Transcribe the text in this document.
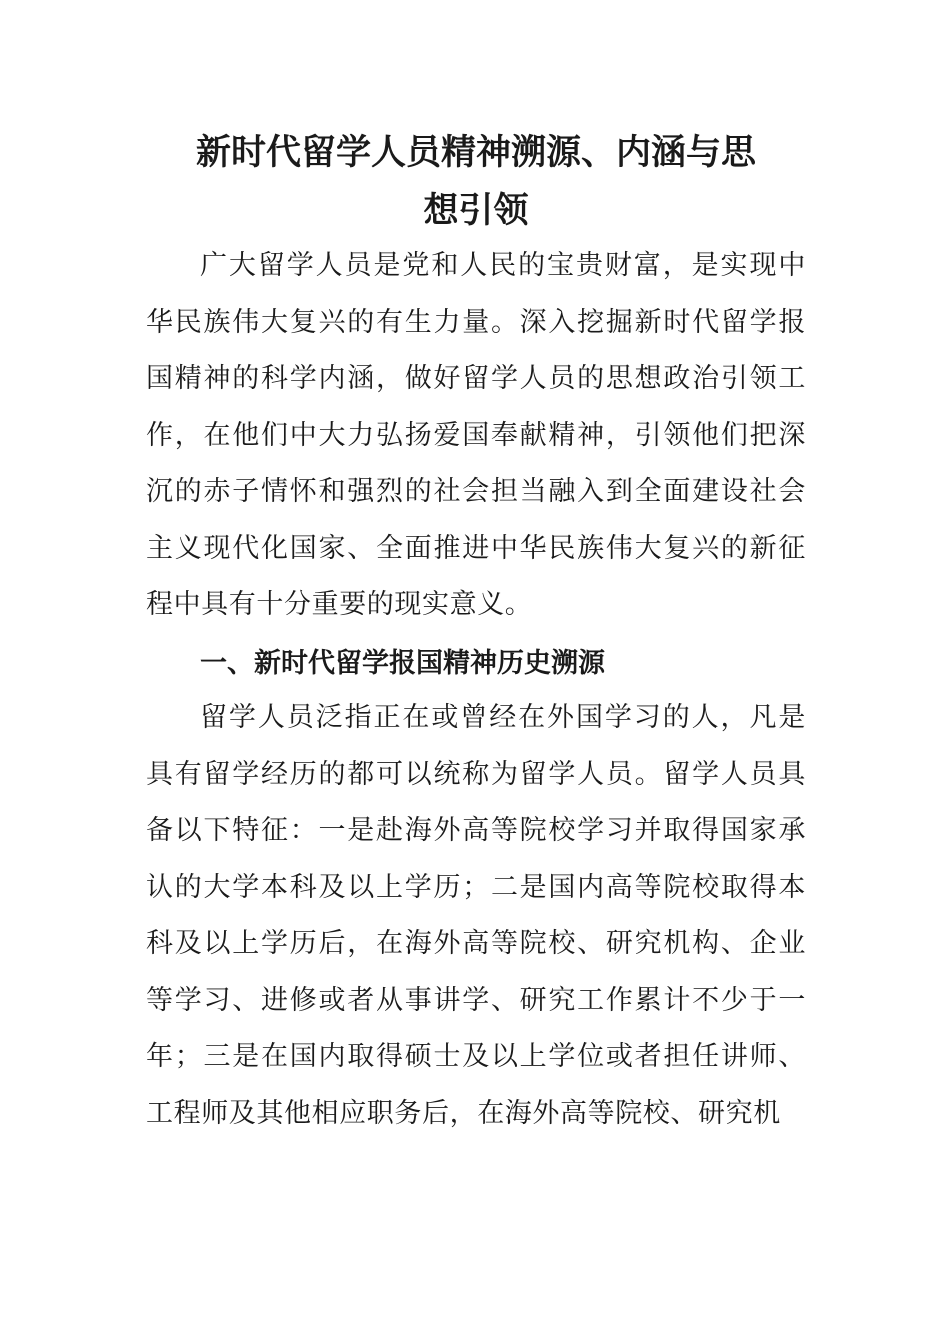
新时代留学人员精神溯源、内涵与思
想引领

广大留学人员是党和人民的宝贵财富，是实现中华民族伟大复兴的有生力量。深入挖掘新时代留学报国精神的科学内涵，做好留学人员的思想政治引领工作，在他们中大力弘扬爱国奉献精神，引领他们把深沉的赤子情怀和强烈的社会担当融入到全面建设社会主义现代化国家、全面推进中华民族伟大复兴的新征程中具有十分重要的现实意义。

一、新时代留学报国精神历史溯源

留学人员泛指正在或曾经在外国学习的人，凡是具有留学经历的都可以统称为留学人员。留学人员具备以下特征：一是赴海外高等院校学习并取得国家承认的大学本科及以上学历；二是国内高等院校取得本科及以上学历后，在海外高等院校、研究机构、企业等学习、进修或者从事讲学、研究工作累计不少于一年；三是在国内取得硕士及以上学位或者担任讲师、工程师及其他相应职务后，在海外高等院校、研究机
